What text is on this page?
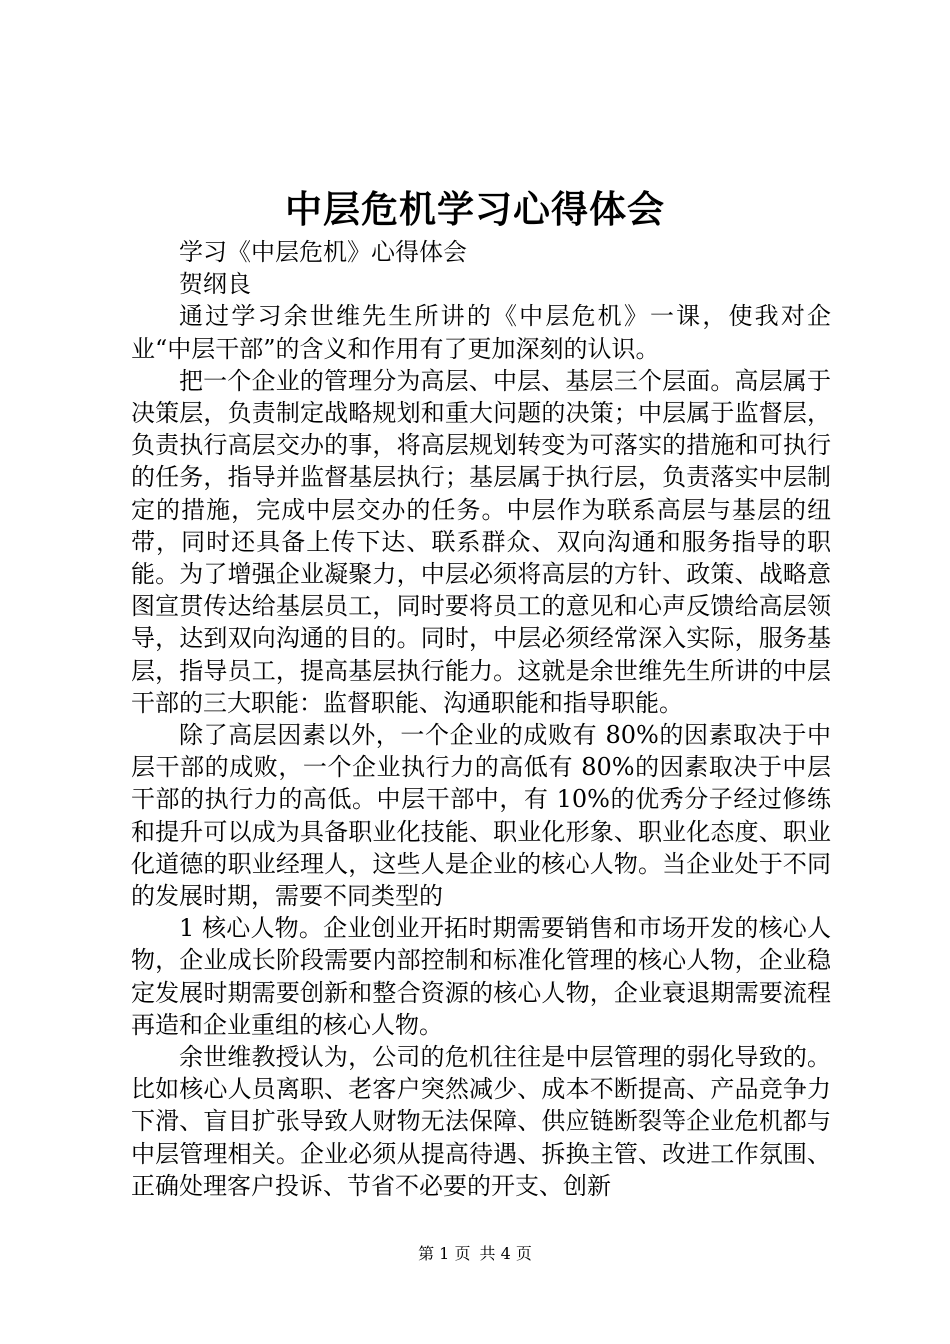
中层危机学习心得体会

学习《中层危机》心得体会

贺纲良

通过学习余世维先生所讲的《中层危机》一课，使我对企业“中层干部”的含义和作用有了更加深刻的认识。

把一个企业的管理分为高层、中层、基层三个层面。高层属于决策层，负责制定战略规划和重大问题的决策；中层属于监督层，负责执行高层交办的事，将高层规划转变为可落实的措施和可执行的任务，指导并监督基层执行；基层属于执行层，负责落实中层制定的措施，完成中层交办的任务。中层作为联系高层与基层的纽带，同时还具备上传下达、联系群众、双向沟通和服务指导的职能。为了增强企业凝聚力，中层必须将高层的方针、政策、战略意图宣贯传达给基层员工，同时要将员工的意见和心声反馈给高层领导，达到双向沟通的目的。同时，中层必须经常深入实际，服务基层，指导员工，提高基层执行能力。这就是余世维先生所讲的中层干部的三大职能：监督职能、沟通职能和指导职能。

除了高层因素以外，一个企业的成败有 80%的因素取决于中层干部的成败，一个企业执行力的高低有 80%的因素取决于中层干部的执行力的高低。中层干部中，有 10%的优秀分子经过修练和提升可以成为具备职业化技能、职业化形象、职业化态度、职业化道德的职业经理人，这些人是企业的核心人物。当企业处于不同的发展时期，需要不同类型的

1 核心人物。企业创业开拓时期需要销售和市场开发的核心人物，企业成长阶段需要内部控制和标准化管理的核心人物，企业稳定发展时期需要创新和整合资源的核心人物，企业衰退期需要流程再造和企业重组的核心人物。

余世维教授认为，公司的危机往往是中层管理的弱化导致的。比如核心人员离职、老客户突然减少、成本不断提高、产品竞争力下滑、盲目扩张导致人财物无法保障、供应链断裂等企业危机都与中层管理相关。企业必须从提高待遇、拆换主管、改进工作氛围、正确处理客户投诉、节省不必要的开支、创新

第 1 页 共 4 页
